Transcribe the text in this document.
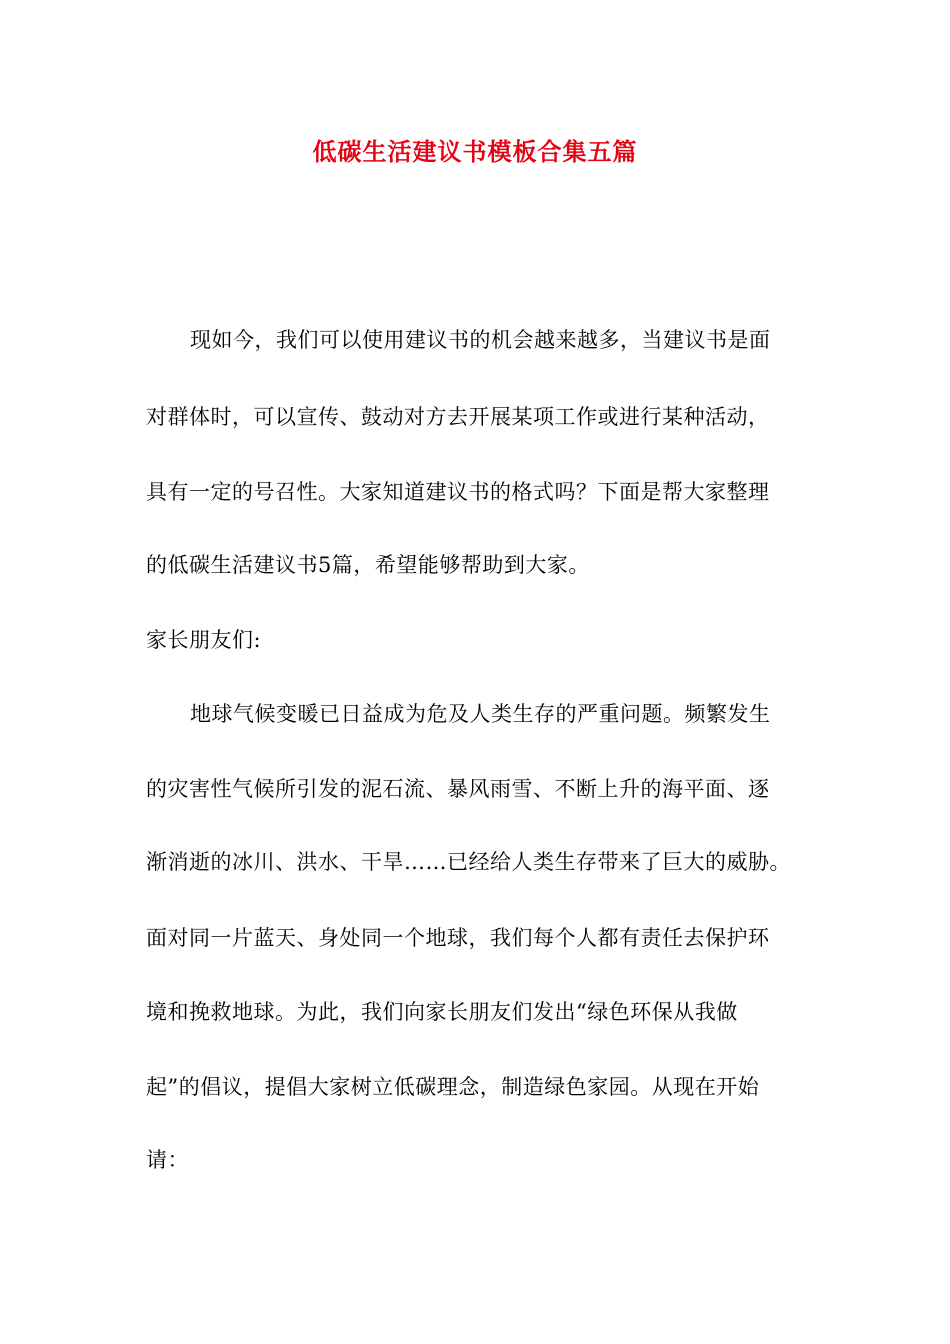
低碳生活建议书模板合集五篇
现如今，我们可以使用建议书的机会越来越多，当建议书是面
对群体时，可以宣传、鼓动对方去开展某项工作或进行某种活动，
具有一定的号召性。大家知道建议书的格式吗？下面是帮大家整理
的低碳生活建议书5篇，希望能够帮助到大家。
家长朋友们:
地球气候变暖已日益成为危及人类生存的严重问题。频繁发生
的灾害性气候所引发的泥石流、暴风雨雪、不断上升的海平面、逐
渐消逝的冰川、洪水、干旱……已经给人类生存带来了巨大的威胁。
面对同一片蓝天、身处同一个地球，我们每个人都有责任去保护环
境和挽救地球。为此，我们向家长朋友们发出“绿色环保从我做
起”的倡议，提倡大家树立低碳理念，制造绿色家园。从现在开始
请：
